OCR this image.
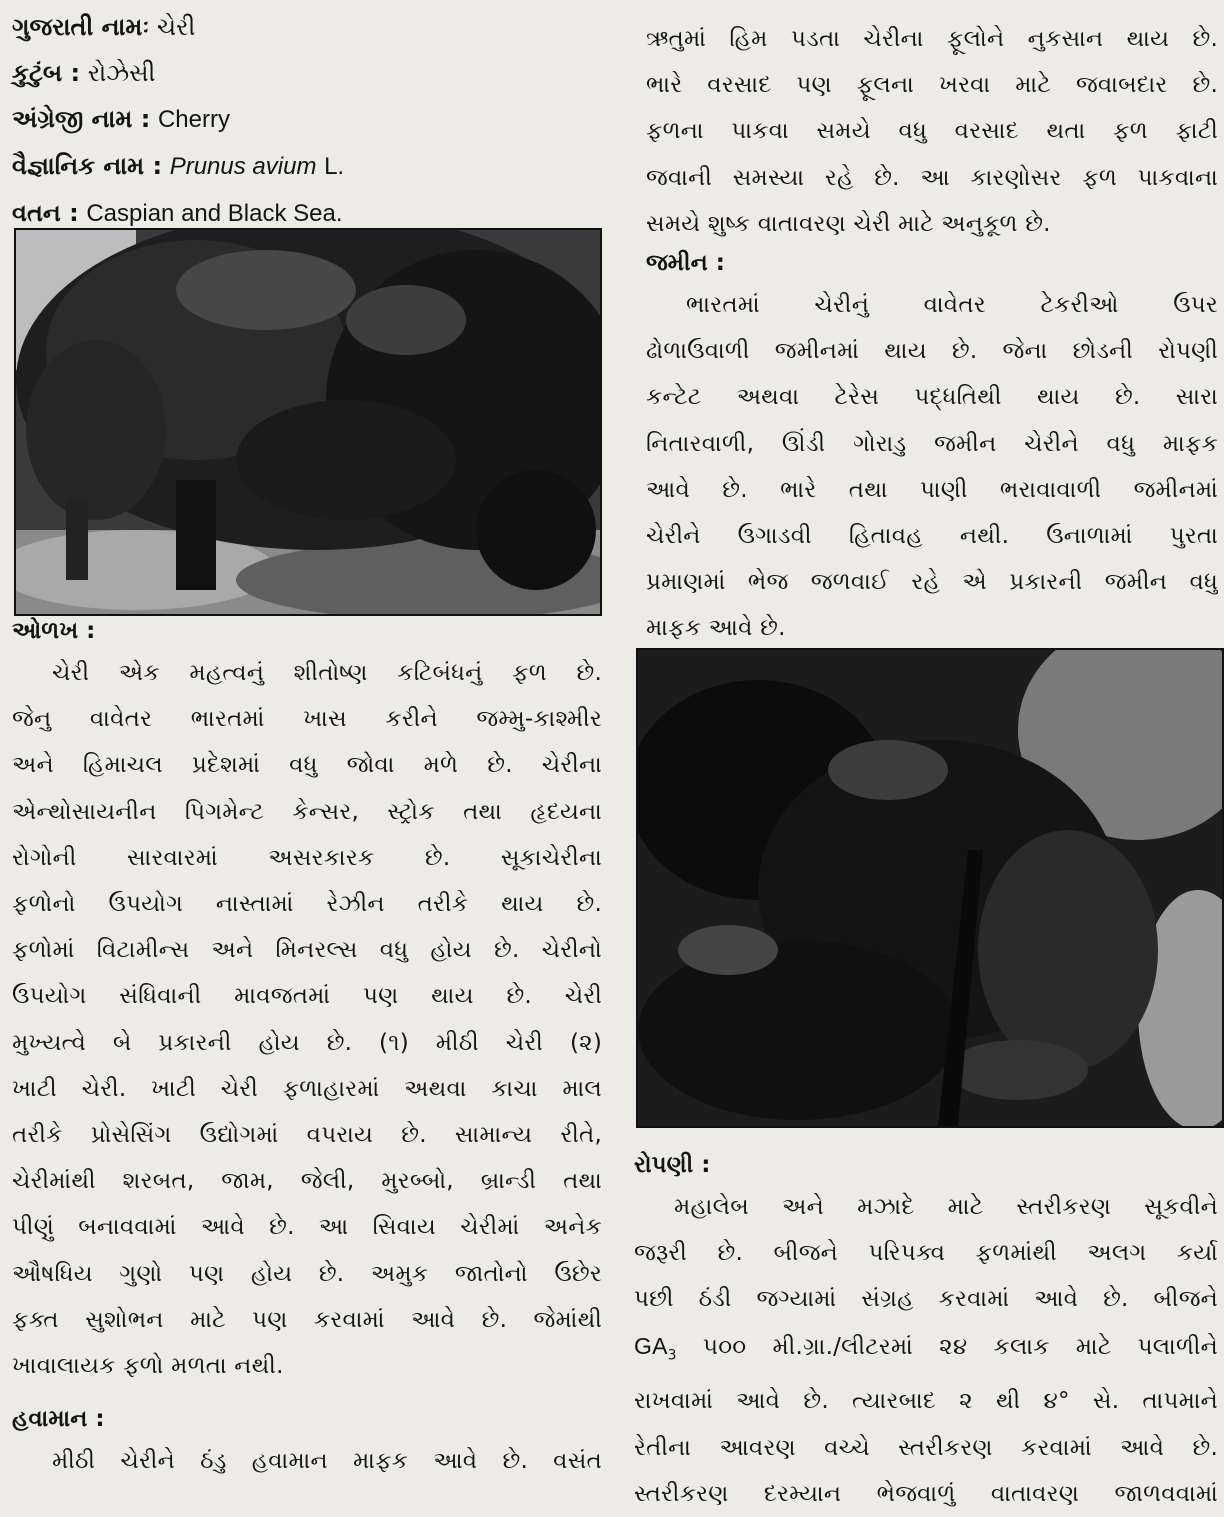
ગુજરાતી નામઃ ચેરી
કુટુંબ : રોઝેસી
અંગ્રેજી નામ : Cherry
વૈજ્ઞાનિક નામ : Prunus avium L.
વતન : Caspian and Black Sea.
ઓળખ :
ચેરી એક મહત્વનું શીતોષ્ણ કટિબંધનું ફળ છે.
જેનુ વાવેતર ભારતમાં ખાસ કરીને જમ્મુ-કાશ્મીર
અને હિમાચલ પ્રદેશમાં વધુ જોવા મળે છે. ચેરીના
એન્થોસાયનીન પિગમેન્ટ કેન્સર, સ્ટ્રોક તથા હૃદયના
રોગોની સારવારમાં અસરકારક છે. સૂકાચેરીના
ફળોનો ઉપયોગ નાસ્તામાં રેઝીન તરીકે થાય છે.
ફળોમાં વિટામીન્સ અને મિનરલ્સ વધુ હોય છે. ચેરીનો
ઉપયોગ સંધિવાની માવજતમાં પણ થાય છે. ચેરી
મુખ્યત્વે બે પ્રકારની હોય છે. (૧) મીઠી ચેરી (૨)
ખાટી ચેરી. ખાટી ચેરી ફળાહારમાં અથવા કાચા માલ
તરીકે પ્રોસેસિંગ ઉદ્યોગમાં વપરાય છે. સામાન્ય રીતે,
ચેરીમાંથી શરબત, જામ, જેલી, મુરબ્બો, બ્રાન્ડી તથા
પીણું બનાવવામાં આવે છે. આ સિવાય ચેરીમાં અનેક
ઔષધિય ગુણો પણ હોય છે. અમુક જાતોનો ઉછેર
ફક્ત સુશોભન માટે પણ કરવામાં આવે છે. જેમાંથી
ખાવાલાયક ફળો મળતા નથી.
હવામાન :
મીઠી ચેરીને ઠંડુ હવામાન માફક આવે છે. વસંત
ઋતુમાં હિમ પડતા ચેરીના ફૂલોને નુકસાન થાય છે.
ભારે વરસાદ પણ ફૂલના ખરવા માટે જવાબદાર છે.
ફળના પાકવા સમયે વધુ વરસાદ થતા ફળ ફાટી
જવાની સમસ્યા રહે છે. આ કારણોસર ફળ પાકવાના
સમયે શુષ્ક વાતાવરણ ચેરી માટે અનુકૂળ છે.
જમીન :
ભારતમાં ચેરીનું વાવેતર ટેકરીઓ ઉપર
ઢોળાઉવાળી જમીનમાં થાય છે. જેના છોડની રોપણી
કન્ટેટ અથવા ટેરેસ પદ્ધતિથી થાય છે. સારા
નિતારવાળી, ઊંડી ગોરાડુ જમીન ચેરીને વધુ માફક
આવે છે. ભારે તથા પાણી ભરાવાવાળી જમીનમાં
ચેરીને ઉગાડવી હિતાવહ નથી. ઉનાળામાં પુરતા
પ્રમાણમાં ભેજ જળવાઈ રહે એ પ્રકારની જમીન વધુ
માફક આવે છે.
રોપણી :
મહાલેબ અને મઝાદે માટે સ્તરીકરણ સૂકવીને
જરૂરી છે. બીજને પરિપક્વ ફળમાંથી અલગ કર્યા
પછી ઠંડી જગ્યામાં સંગ્રહ કરવામાં આવે છે. બીજને
$GA_3$ ૫૦૦ મી.ગ્રા./લીટરમાં ૨૪ કલાક માટે પલાળીને
રાખવામાં આવે છે. ત્યારબાદ ૨ થી ૪° સે. તાપમાને
રેતીના આવરણ વચ્ચે સ્તરીકરણ કરવામાં આવે છે.
સ્તરીકરણ દરમ્યાન ભેજવાળું વાતાવરણ જાળવવામાં
